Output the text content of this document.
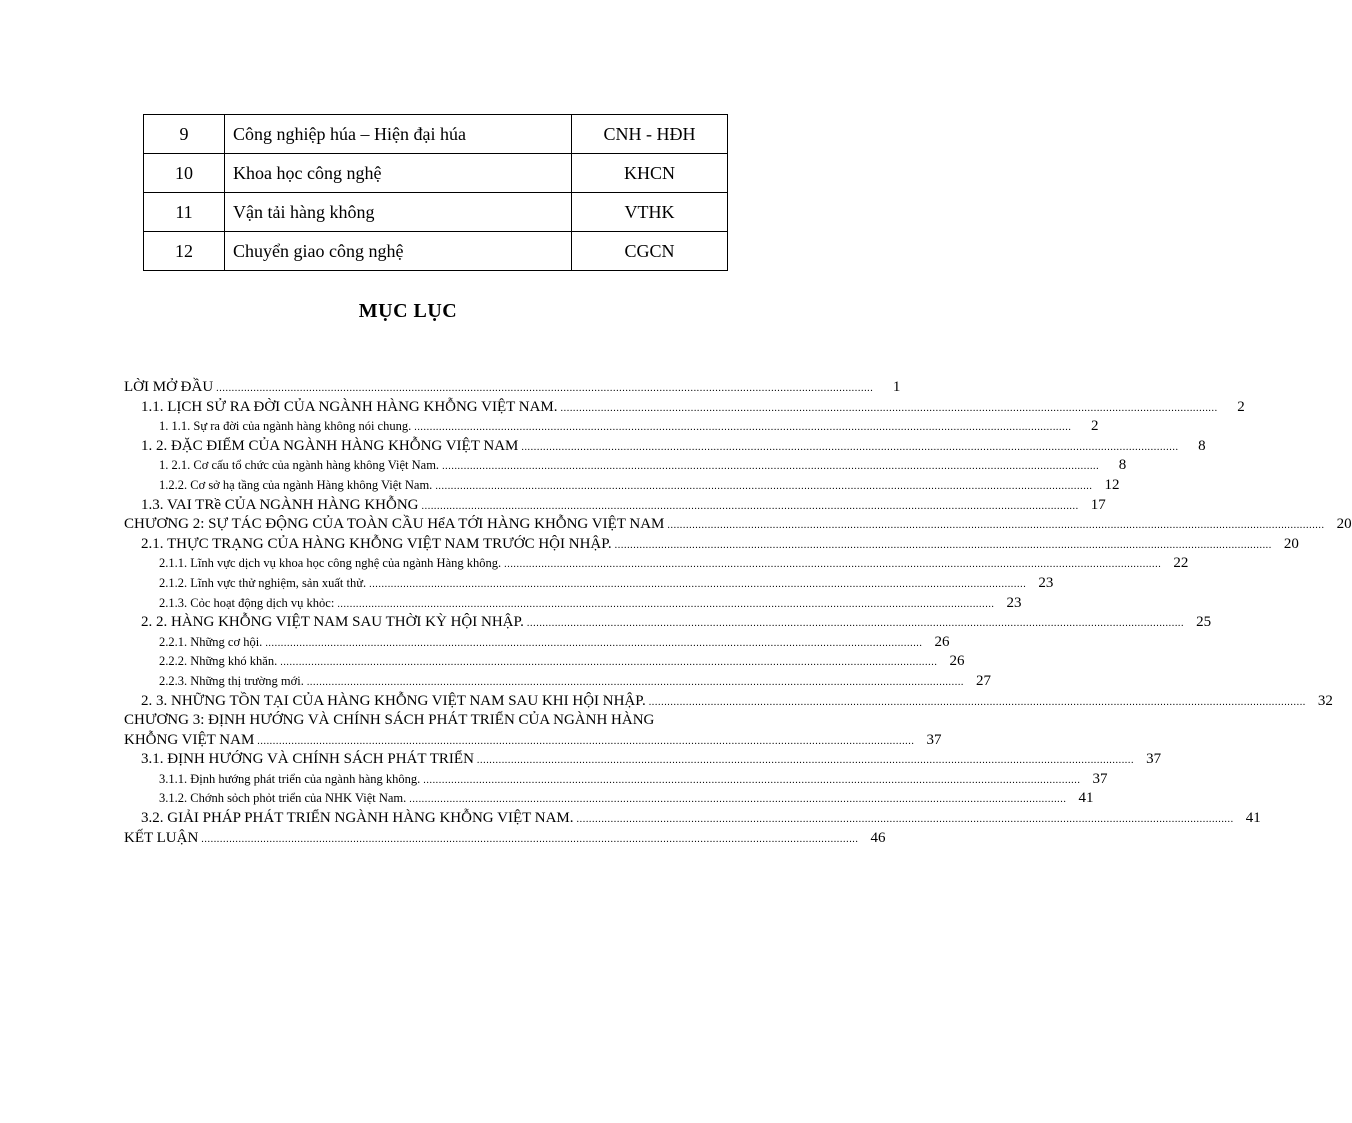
9	Công nghiệp húa – Hiện đại húa	CNH - HĐH
10	Khoa học công nghệ	KHCN
11	Vận tải hàng không	VTHK
12	Chuyển giao công nghệ	CGCN
MỤC LỤC
LỜI MỞ ĐẦU ....................................................................................................................................................................................................................	1
1.1. LỊCH SỬ RA ĐỜI CỦA NGÀNH HÀNG KHỖNG VIỆT NAM. ....................................................................................................................................................................................................................	2
1. 1.1. Sự ra đời của ngành hàng không nói chung. ....................................................................................................................................................................................................................	2
1. 2. ĐẶC ĐIỂM CỦA NGÀNH HÀNG KHỖNG VIỆT NAM ....................................................................................................................................................................................................................	8
1. 2.1. Cơ cấu tổ chức của ngành hàng không Việt Nam. ....................................................................................................................................................................................................................	8
1.2.2. Cơ sở hạ tầng của ngành Hàng không Việt Nam. .................................................................................................................................................................................................................... 12
1.3. VAI TRề CỦA NGÀNH HÀNG KHỖNG .................................................................................................................................................................................................................... 17
CHƯƠNG 2: SỰ TÁC ĐỘNG CỦA TOÀN CẦU HểA TỚI HÀNG KHỖNG VIỆT NAM .................................................................................................................................................................................................................... 20
2.1. THỰC TRẠNG CỦA HÀNG KHỖNG VIỆT NAM TRƯỚC HỘI NHẬP. .................................................................................................................................................................................................................... 20
2.1.1. Lĩnh vực dịch vụ khoa học công nghệ của ngành Hàng không. .................................................................................................................................................................................................................... 22
2.1.2. Lĩnh vực thử nghiệm, sản xuất thử. .................................................................................................................................................................................................................... 23
2.1.3. Cỏc hoạt động dịch vụ khỏc: .................................................................................................................................................................................................................... 23
2. 2. HÀNG KHỖNG VIỆT NAM SAU THỜI KỲ HỘI NHẬP. .................................................................................................................................................................................................................... 25
2.2.1. Những cơ hội. .................................................................................................................................................................................................................... 26
2.2.2. Những khó khăn. .................................................................................................................................................................................................................... 26
2.2.3. Những thị trường mới. .................................................................................................................................................................................................................... 27
2. 3. NHỮNG TỒN TẠI CỦA HÀNG KHỖNG VIỆT NAM SAU KHI HỘI NHẬP. .................................................................................................................................................................................................................... 32
CHƯƠNG 3: ĐỊNH HƯỚNG VÀ CHÍNH SÁCH PHÁT TRIỂN CỦA NGÀNH HÀNG
KHỖNG VIỆT NAM .................................................................................................................................................................................................................... 37
3.1. ĐỊNH HƯỚNG VÀ CHÍNH SÁCH PHÁT TRIỂN .................................................................................................................................................................................................................... 37
3.1.1. Định hướng phát triển của ngành hàng không. .................................................................................................................................................................................................................... 37
3.1.2. Chớnh sỏch phỏt triển của NHK Việt Nam. .................................................................................................................................................................................................................... 41
3.2. GIẢI PHÁP PHÁT TRIỂN NGÀNH HÀNG KHỖNG VIỆT NAM. .................................................................................................................................................................................................................... 41
KẾT LUẬN .................................................................................................................................................................................................................... 46
